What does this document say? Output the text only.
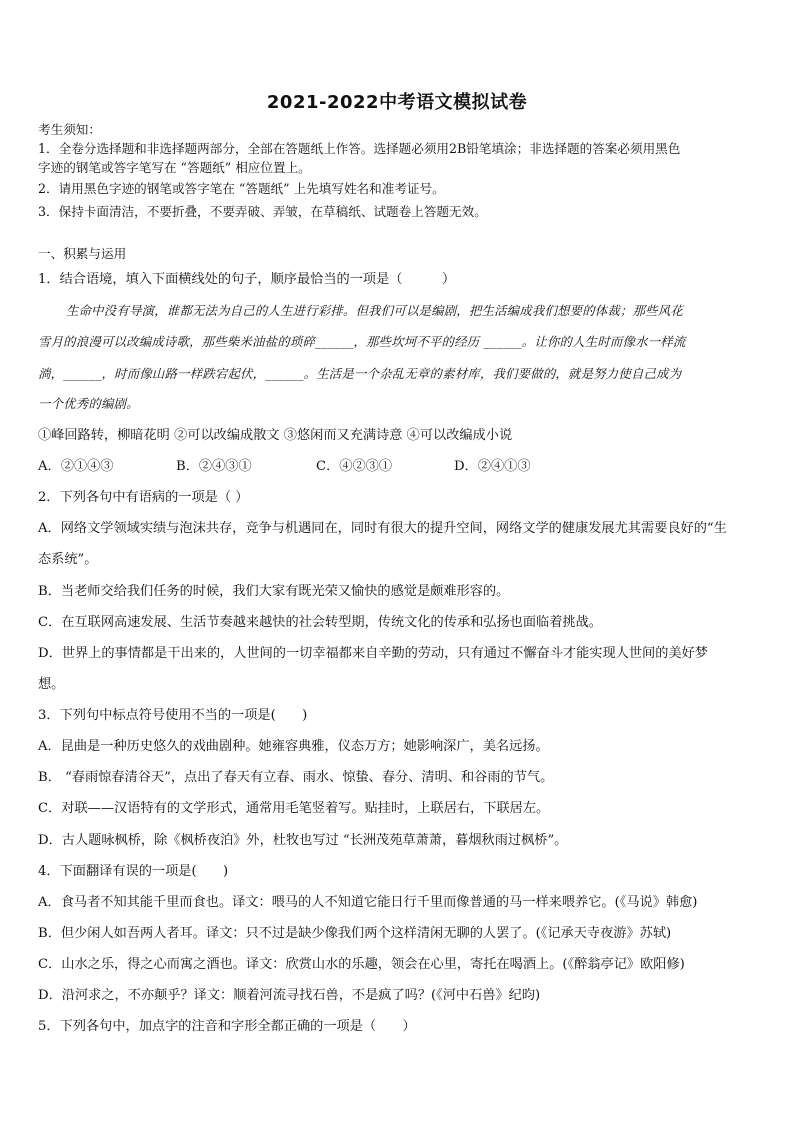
2021-2022中考语文模拟试卷
考生须知：
1．全卷分选择题和非选择题两部分，全部在答题纸上作答。选择题必须用2B铅笔填涂；非选择题的答案必须用黑色
字迹的钢笔或答字笔写在 “答题纸” 相应位置上。
2．请用黑色字迹的钢笔或答字笔在 “答题纸” 上先填写姓名和准考证号。
3．保持卡面清洁，不要折叠，不要弄破、弄皱，在草稿纸、试题卷上答题无效。
一、积累与运用
1．结合语境，填入下面横线处的句子，顺序最恰当的一项是（　　　）
生命中没有导演，谁都无法为自己的人生进行彩排。但我们可以是编剧，把生活编成我们想要的体裁；那些风花
雪月的浪漫可以改编成诗歌，那些柴米油盐的琐碎______，那些坎坷不平的经历 ______。让你的人生时而像水一样流
淌，______，时而像山路一样跌宕起伏，______。生活是一个杂乱无章的素材库，我们要做的，就是努力使自己成为
一个优秀的编剧。
①峰回路转，柳暗花明 ②可以改编成散文 ③悠闲而又充满诗意 ④可以改编成小说
A．②①④③	B．②④③①	C．④②③①	D．②④①③
2．下列各句中有语病的一项是（ ）
A．网络文学领域实绩与泡沫共存，竞争与机遇同在，同时有很大的提升空间，网络文学的健康发展尤其需要良好的“生
态系统”。
B．当老师交给我们任务的时候，我们大家有既光荣又愉快的感觉是颇难形容的。
C．在互联网高速发展、生活节奏越来越快的社会转型期，传统文化的传承和弘扬也面临着挑战。
D．世界上的事情都是干出来的，人世间的一切幸福都来自辛勤的劳动，只有通过不懈奋斗才能实现人世间的美好梦
想。
3．下列句中标点符号使用不当的一项是(　　)
A．昆曲是一种历史悠久的戏曲剧种。她雍容典雅，仪态万方；她影响深广，美名远扬。
B． “春雨惊春清谷天”，点出了春天有立春、雨水、惊蛰、春分、清明、和谷雨的节气。
C．对联——汉语特有的文学形式，通常用毛笔竖着写。贴挂时，上联居右，下联居左。
D．古人题咏枫桥，除《枫桥夜泊》外，杜牧也写过 “长洲茂苑草萧萧，暮烟秋雨过枫桥”。
4．下面翻译有误的一项是(　　)
A．食马者不知其能千里而食也。译文：喂马的人不知道它能日行千里而像普通的马一样来喂养它。(《马说》韩愈)
B．但少闲人如吾两人者耳。译文：只不过是缺少像我们两个这样清闲无聊的人罢了。(《记承天寺夜游》苏轼)
C．山水之乐，得之心而寓之酒也。译文：欣赏山水的乐趣，领会在心里，寄托在喝酒上。(《醉翁亭记》欧阳修)
D．沿河求之，不亦颠乎？译文：顺着河流寻找石兽，不是疯了吗？(《河中石兽》纪昀)
5．下列各句中，加点字的注音和字形全都正确的一项是（　　）
